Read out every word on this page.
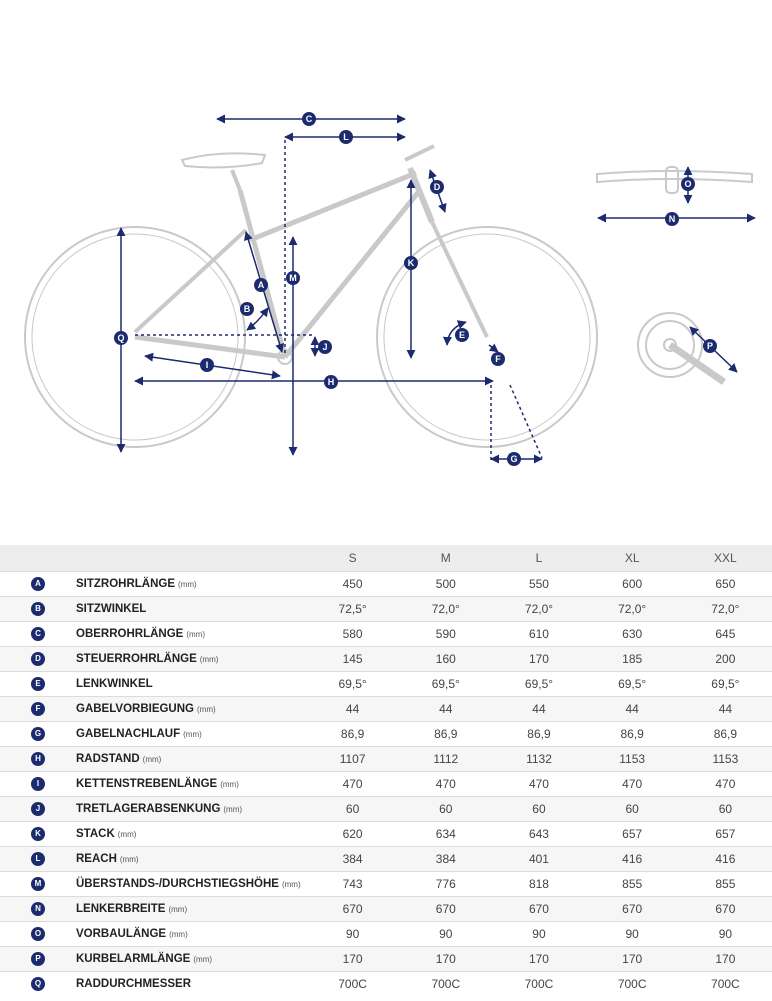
A
B
C
D
E
F
G
H
I
J
K
L
M
N
O
P
Q
		S	M	L	XL	XXL
A	SITZROHRLÄNGE (mm)	450	500	550	600	650
B	SITZWINKEL	72,5°	72,0°	72,0°	72,0°	72,0°
C	OBERROHRLÄNGE (mm)	580	590	610	630	645
D	STEUERROHRLÄNGE (mm)	145	160	170	185	200
E	LENKWINKEL	69,5°	69,5°	69,5°	69,5°	69,5°
F	GABELVORBIEGUNG (mm)	44	44	44	44	44
G	GABELNACHLAUF (mm)	86,9	86,9	86,9	86,9	86,9
H	RADSTAND (mm)	1107	1112	1132	1153	1153
I	KETTENSTREBENLÄNGE (mm)	470	470	470	470	470
J	TRETLAGERABSENKUNG (mm)	60	60	60	60	60
K	STACK (mm)	620	634	643	657	657
L	REACH (mm)	384	384	401	416	416
M	ÜBERSTANDS-/DURCHSTIEGSHÖHE (mm)	743	776	818	855	855
N	LENKERBREITE (mm)	670	670	670	670	670
O	VORBAULÄNGE (mm)	90	90	90	90	90
P	KURBELARMLÄNGE (mm)	170	170	170	170	170
Q	RADDURCHMESSER	700C	700C	700C	700C	700C
